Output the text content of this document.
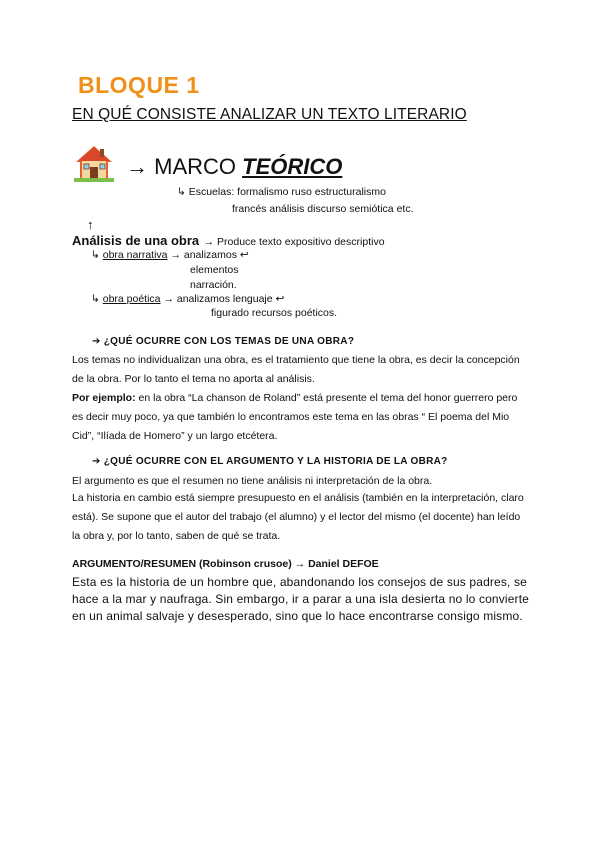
BLOQUE 1
EN QUÉ CONSISTE ANALIZAR UN TEXTO LITERARIO
→ MARCO TEÓRICO
↳ Escuelas: formalismo ruso estructuralismo
francés análisis discurso semiótica etc.
↑
Análisis de una obra → Produce texto expositivo descriptivo
↳ obra narrativa → analizamos ↩
elementos
narración.
↳ obra poética → analizamos lenguaje ↩
figurado recursos poéticos.
➔ ¿QUÉ OCURRE CON LOS TEMAS DE UNA OBRA?
Los temas no individualizan una obra, es el tratamiento que tiene la obra, es decir la concepción de la obra. Por lo tanto el tema no aporta al análisis.
Por ejemplo: en la obra “La chanson de Roland” está presente el tema del honor guerrero pero es decir muy poco, ya que también lo encontramos este tema en las obras “ El poema del Mio Cid”, “Ilíada de Homero” y un largo etcétera.
➔ ¿QUÉ OCURRE CON EL ARGUMENTO Y LA HISTORIA DE LA OBRA?
El argumento es que el resumen no tiene análisis ni interpretación de la obra.
La historia en cambio está siempre presupuesto en el análisis (también en la interpretación, claro está). Se supone que el autor del trabajo (el alumno) y el lector del mismo (el docente) han leído la obra y, por lo tanto, saben de qué se trata.
ARGUMENTO/RESUMEN (Robinson crusoe) → Daniel DEFOE
Esta es la historia de un hombre que, abandonando los consejos de sus padres, se hace a la mar y naufraga. Sin embargo, ir a parar a una isla desierta no lo convierte en un animal salvaje y desesperado, sino que lo hace encontrarse consigo mismo.
